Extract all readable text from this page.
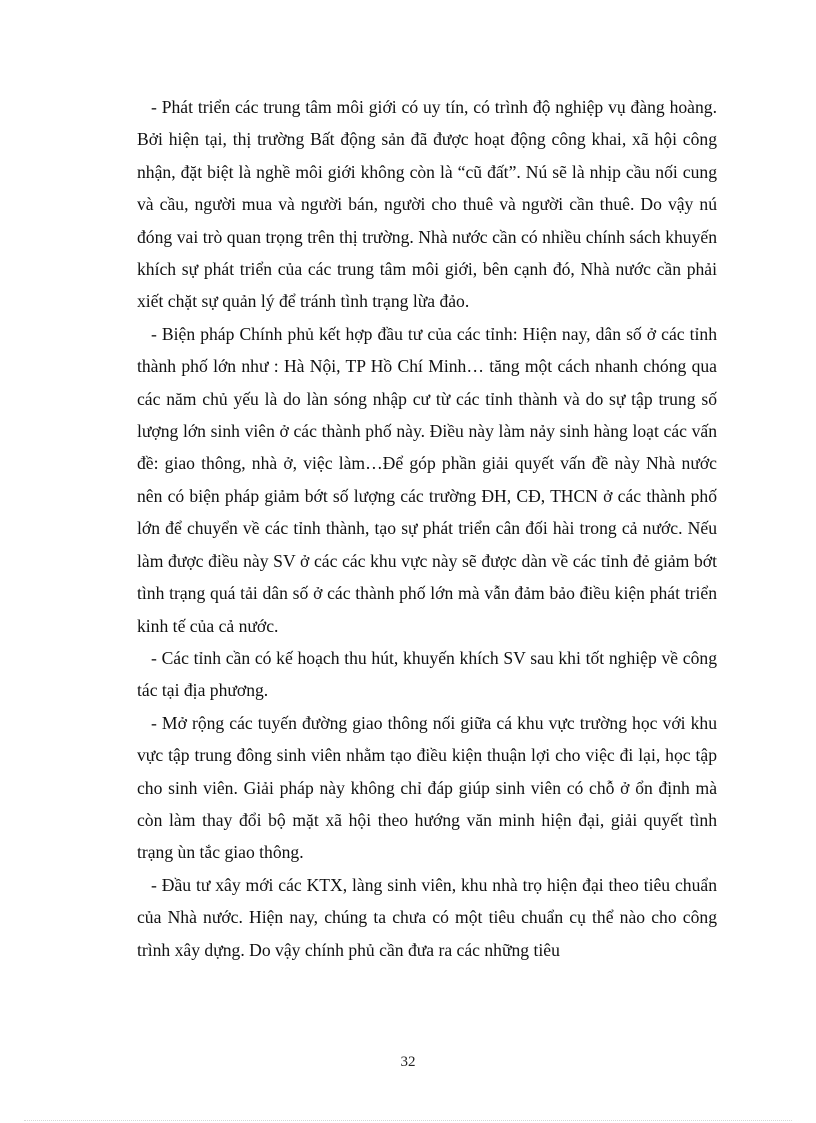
- Phát triển các trung tâm môi giới có uy tín, có trình độ nghiệp vụ đàng hoàng. Bởi hiện tại, thị trường Bất động sản đã được hoạt động công khai, xã hội công nhận, đặt biệt là nghề môi giới không còn là “cũ đất”. Nú sẽ là nhịp cầu nối cung và cầu, người mua và người bán, người cho thuê và người cần thuê. Do vậy nú đóng vai trò quan trọng trên thị trường. Nhà nước cần có nhiều chính sách khuyến khích sự phát triển của các trung tâm môi giới, bên cạnh đó, Nhà nước cần phải xiết chặt sự quản lý để tránh tình trạng lừa đảo.

- Biện pháp Chính phủ kết hợp đầu tư của các tỉnh: Hiện nay, dân số ở các tỉnh thành phố lớn như : Hà Nội, TP Hồ Chí Minh… tăng một cách nhanh chóng qua các năm chủ yếu là do làn sóng nhập cư từ các tỉnh thành và do sự tập trung số lượng lớn sinh viên ở các thành phố này. Điều này làm nảy sinh hàng loạt các vấn đề: giao thông, nhà ở, việc làm…Để góp phần giải quyết vấn đề này Nhà nước nên có biện pháp giảm bớt số lượng các trường ĐH, CĐ, THCN ở các thành phố lớn để chuyển về các tỉnh thành, tạo sự phát triển cân đối hài trong cả nước. Nếu làm được điều này SV ở các các khu vực này sẽ được dàn về các tỉnh đẻ giảm bớt tình trạng quá tải dân số ở các thành phố lớn mà vẫn đảm bảo điều kiện phát triển kinh tế của cả nước.

- Các tỉnh cần có kế hoạch thu hút, khuyến khích SV sau khi tốt nghiệp về công tác tại địa phương.

- Mở rộng các tuyến đường giao thông nối giữa cá khu vực trường học với khu vực tập trung đông sinh viên nhằm tạo điều kiện thuận lợi cho việc đi lại, học tập cho sinh viên. Giải pháp này không chỉ đáp giúp sinh viên có chỗ ở ổn định mà còn làm thay đổi bộ mặt xã hội theo hướng văn minh hiện đại, giải quyết tình trạng ùn tắc giao thông.

- Đầu tư xây mới các KTX, làng sinh viên, khu nhà trọ hiện đại theo tiêu chuẩn của Nhà nước. Hiện nay, chúng ta chưa có một tiêu chuẩn cụ thể nào cho công trình xây dựng. Do vậy chính phủ cần đưa ra các những tiêu

32
